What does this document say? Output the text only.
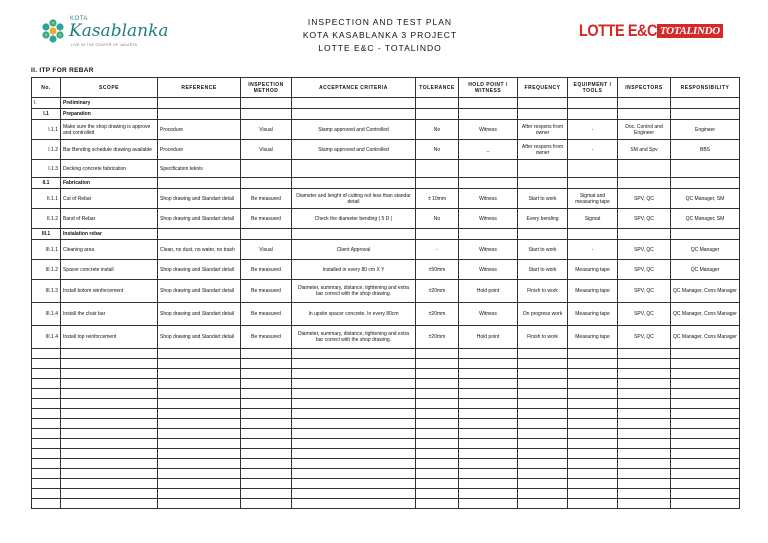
KOTA
Kasablanka
LIVE IN THE CENTER OF JAKARTA
INSPECTION AND TEST PLAN
KOTA KASABLANKA 3 PROJECT
LOTTE E&C - TOTALINDO
LOTTE E&C TOTALINDO
II. ITP FOR REBAR
No.	SCOPE	REFERENCE	INSPECTION METHOD	ACCEPTANCE CRITERIA	TOLERANCE	HOLD POINT / WITNESS	FREQUENCY	EQUIPMENT / TOOLS	INSPECTORS	RESPONSIBILITY
I.	Preliminary									
I.1	Preparation									
I.1.1	Make sure the shop drawing is approve and controlled	Procedure	Visual	Stamp approved and Controlled	No	Witness	After respons from owner	-	Doc. Control and Engineer	Engineer
I.1.2	Bar Bending schedule drawing available	Procedure	Visual	Stamp approved and Controlled	No	_	After respons from owner	-	SM and Spv	BBS
I.1.3	Decking concrete fabrication	Specification teknis								
II.1	Fabrication									
II.1.1	Cut of Rebar	Shop drawing and Standart detail	Be measured	Diameter and lenght of cutting not less than standar detail	± 10mm	Witness	Start to work	Sigmat and measuring tape	SPV, QC	QC Manager, SM
II.1.2	Band of Rebar	Shop drawing and Standart detail	Be measured	Check the diameter bending ( 5 D )	No	Witness	Every bending	Sigmat	SPV, QC	QC Manager, SM
III.1	Instalation rebar									
III.1.1	Cleaning area	Clean, no dust, no water, no trash	Visual	Client Approval	-	Witness	Start to work	-	SPV, QC	QC Manager
III.1.2	Spacer concrete install	Shop drawing and Standart detail	Be measured	Installed in every 80 cm X Y	±50mm	Witness	Start to work	Measuring tape	SPV, QC	QC Manager
III.1.3	Install botom reinforcement	Shop drawing and Standart detail	Be measured	Diameter, summary, distance, tightening and extra bar correct with the shop drawing.	±20mm	Hold point	Finish to work	Measuring tape	SPV, QC	QC Manager, Cons Manager
III.1.4	Install the chair bar	Shop drawing and Standart detail	Be measured	In upsite spacer concrete. In every 80cm	±20mm	Witness	On progress work	Measuring tape	SPV, QC	QC Manager, Cons Manager
III.1.4	Install top reinforcement	Shop drawing and Standart detail	Be measured	Diameter, summary, distance, tightening and extra bar correct with the shop drawing.	±20mm	Hold point	Finish to work	Measuring tape	SPV, QC	QC Manager, Cons Manager
